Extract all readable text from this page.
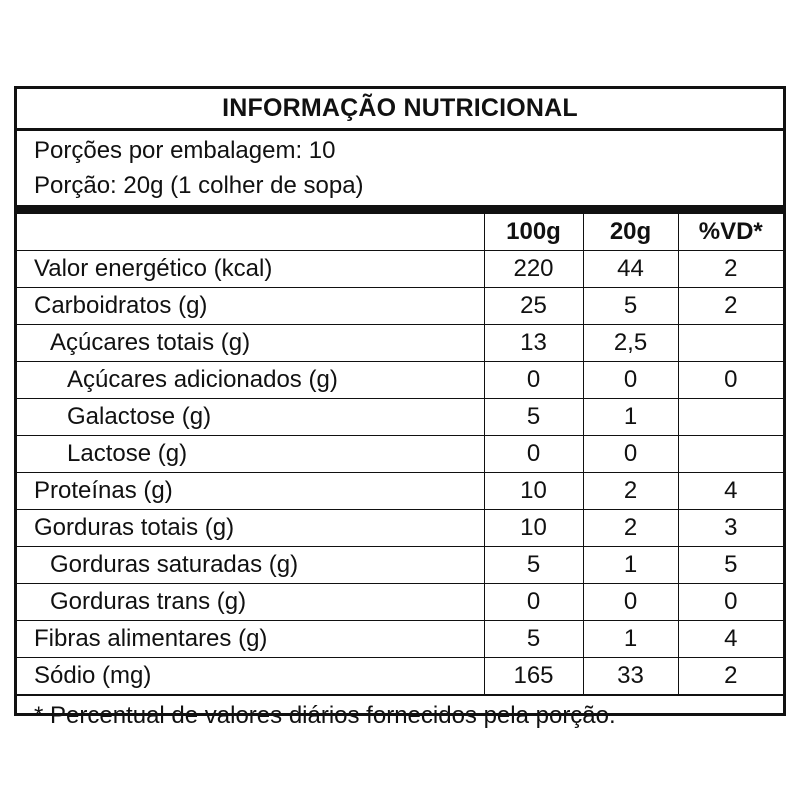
INFORMAÇÃO NUTRICIONAL
Porções por embalagem: 10
Porção: 20g (1 colher de sopa)
	100g	20g	%VD*
Valor energético (kcal)	220	44	2
Carboidratos (g)	25	5	2
Açúcares totais (g)	13	2,5	
Açúcares adicionados (g)	0	0	0
Galactose (g)	5	1	
Lactose (g)	0	0	
Proteínas (g)	10	2	4
Gorduras totais (g)	10	2	3
Gorduras saturadas (g)	5	1	5
Gorduras trans (g)	0	0	0
Fibras alimentares (g)	5	1	4
Sódio (mg)	165	33	2
* Percentual de valores diários fornecidos pela porção.
